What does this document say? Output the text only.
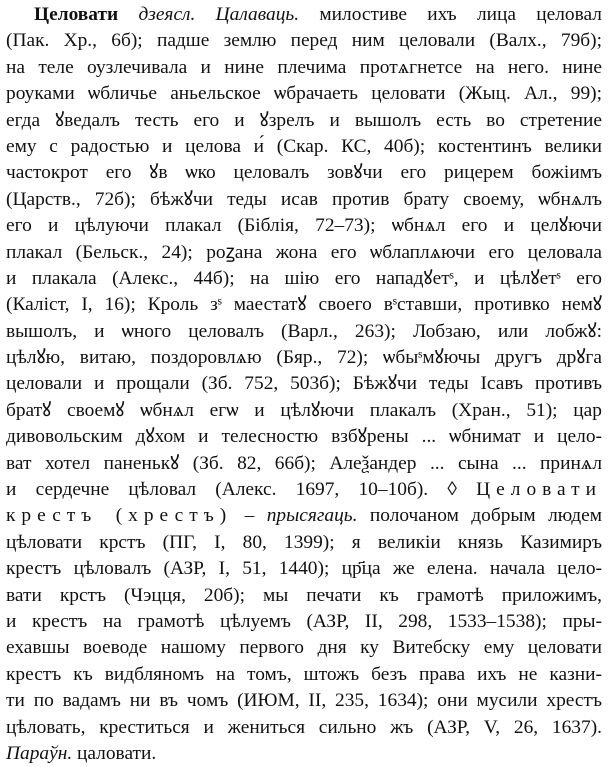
Целовати дзеясл. Цалаваць. милостиве ихъ лица целовал
(Пак. Хр., 6б); падше землю перед ним целовали (Валх., 79б);
на теле оузлечивала и нине плечима протѧгнетсе на него. нине
роуками ѡбличье аньельское ѡбрачаеть целовати (Жыц. Ал., 99);
егда ꙋведалъ тесть его и ꙋзрелъ и вышолъ есть во стретение
ему с радостью и целова и́ (Скар. КС, 40б); костентинъ велики
частокрот его ꙋв ѡко целовалъ зовꙋчи его рицерем божiимъ
(Царств., 72б); бѣжꙋчи теды исав против брату своему, ѡбнѧлъ
его и цѣлуючи плакал (Біблія, 72–73); ѡбнѧл его и целꙋючи
плакал (Бельск., 24); роꙁана жона его ѡблаплѧючи его целовала
и плакала (Алекс., 44б); на шiю его нападꙋетˢ, и цѣлꙋетˢ его
(Каліст, I, 16); Кроль зˢ маестатꙋ своего вˢставши, противко немꙋ
вышолъ, и ѡного целовалъ (Варл., 263); Лобзаю, или лобжꙋ:
цѣлꙋю, витаю, поздоровлѧю (Бяр., 72); ѡбыˢмꙋючы другъ дрꙋга
целовали и прощали (Зб. 752, 503б); Бѣжꙋчи теды Ісавъ противъ
братꙋ своемꙋ ѡбнѧл егѡ и цѣлꙋючи плакалъ (Хран., 51); цар
дивовольским дꙋхом и телесностю взбꙋрены ... ѡбнимат и цело-
ват хотел паненькꙋ (Зб. 82, 66б); Алеѯандер ... сына ... принѧл
и сердечне цѣловал (Алекс. 1697, 10–10б). ◊ Целовати
крестъ (хрестъ) – прысягаць. полочаном добрым людем
цѣловати крстъ (ПГ, I, 80, 1399); я великiи князь Казимиръ
крестъ цѣловалъ (АЗР, I, 51, 1440); цр҃ца же елена. начала цело-
вати крстъ (Чэцця, 20б); мы печати къ грамотѣ приложимъ,
и крестъ на грамотѣ цѣлуемъ (АЗР, II, 298, 1533–1538); пры-
ехавшы воеводе нашому первого дня ку Витебску ему целовати
крестъ къ видбляномъ на томъ, штожъ безъ права ихъ не казни-
ти по вадамъ ни въ чомъ (ИЮМ, II, 235, 1634); они мусили хрестъ
цѣловать, креститься и жениться сильно жъ (АЗР, V, 26, 1637).
Параўн. цаловати.
